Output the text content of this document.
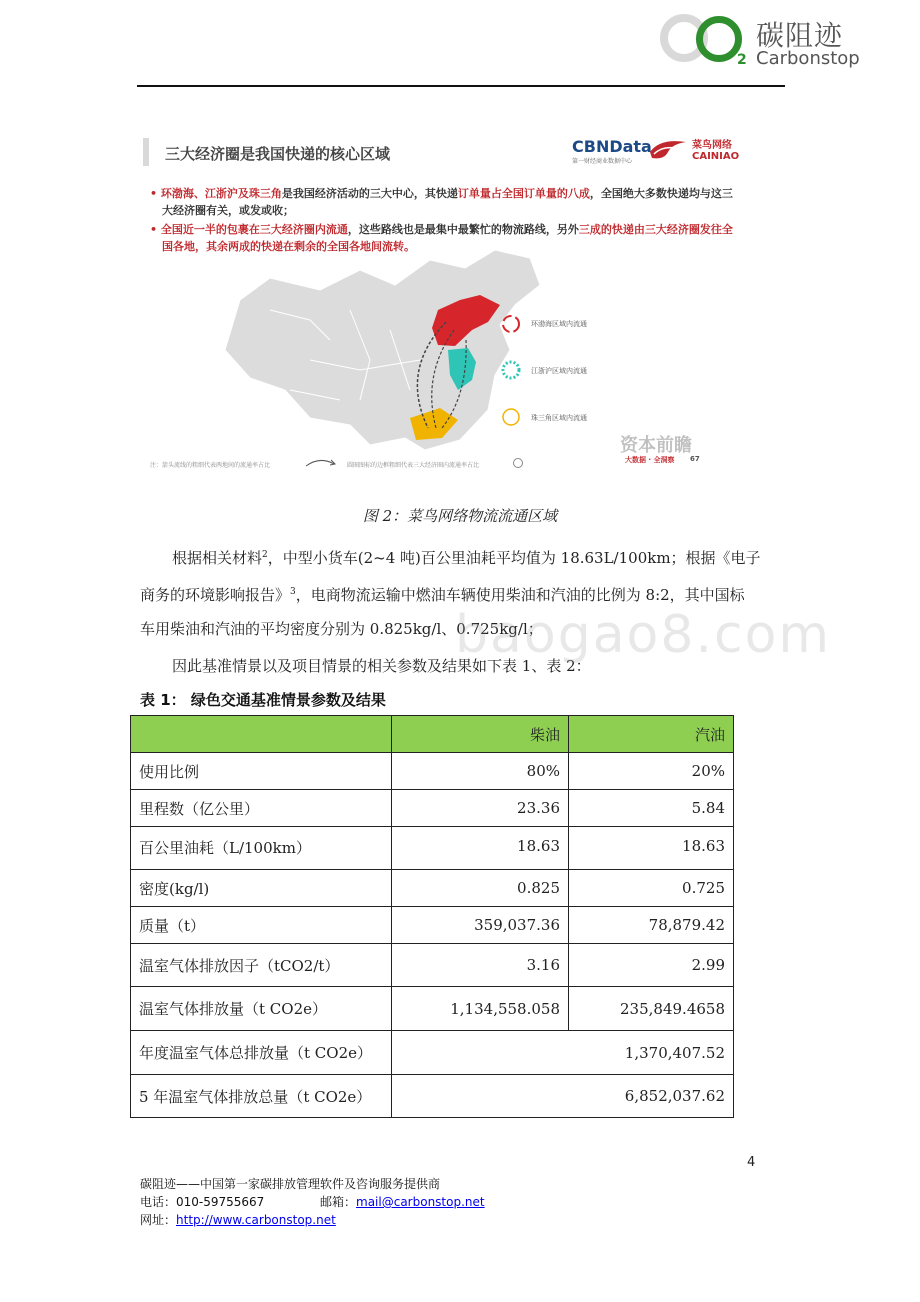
2
碳阻迹
Carbonstop
三大经济圈是我国快递的核心区域	CBNData
第一财经商业数据中心
菜鸟网络
CAINIAO
• 环渤海、江浙沪及珠三角是我国经济活动的三大中心，其快递订单量占全国订单量的八成，全国绝大多数快递均与这三
大经济圈有关，或发或收；
• 全国近一半的包裹在三大经济圈内流通，这些路线也是最集中最繁忙的物流路线，另外三成的快递由三大经济圈发往全
国各地，其余两成的快递在剩余的全国各地间流转。
环渤海区域内流通
江浙沪区域内流通
珠三角区域内流通
注：箭头流线的粗细代表两地间的流通率占比	圆圈图标的边框粗细代表三大经济圈内流通率占比
资本前瞻
大数据 · 全洞察 67
图 2：菜鸟网络物流流通区域
根据相关材料$^2$，中型小货车(2~4 吨)百公里油耗平均值为 18.63L/100km；根据《电子
商务的环境影响报告》$^3$，电商物流运输中燃油车辆使用柴油和汽油的比例为 8:2，其中国标
车用柴油和汽油的平均密度分别为 0.825kg/l、0.725kg/l；
因此基准情景以及项目情景的相关参数及结果如下表 1、表 2：
baogao8.com
表 1： 绿色交通基准情景参数及结果
	柴油	汽油
使用比例	80%	20%
里程数（亿公里）	23.36	5.84
百公里油耗（L/100km）	18.63	18.63
密度(kg/l)	0.825	0.725
质量（t）	359,037.36	78,879.42
温室气体排放因子（tCO2/t）	3.16	2.99
温室气体排放量（t CO2e）	1,134,558.058	235,849.4658
年度温室气体总排放量（t CO2e）	1,370,407.52	
5 年温室气体排放总量（t CO2e）	6,852,037.62	
4
碳阻迹——中国第一家碳排放管理软件及咨询服务提供商
电话：010-59755667	邮箱：mail@carbonstop.net
网址：http://www.carbonstop.net
